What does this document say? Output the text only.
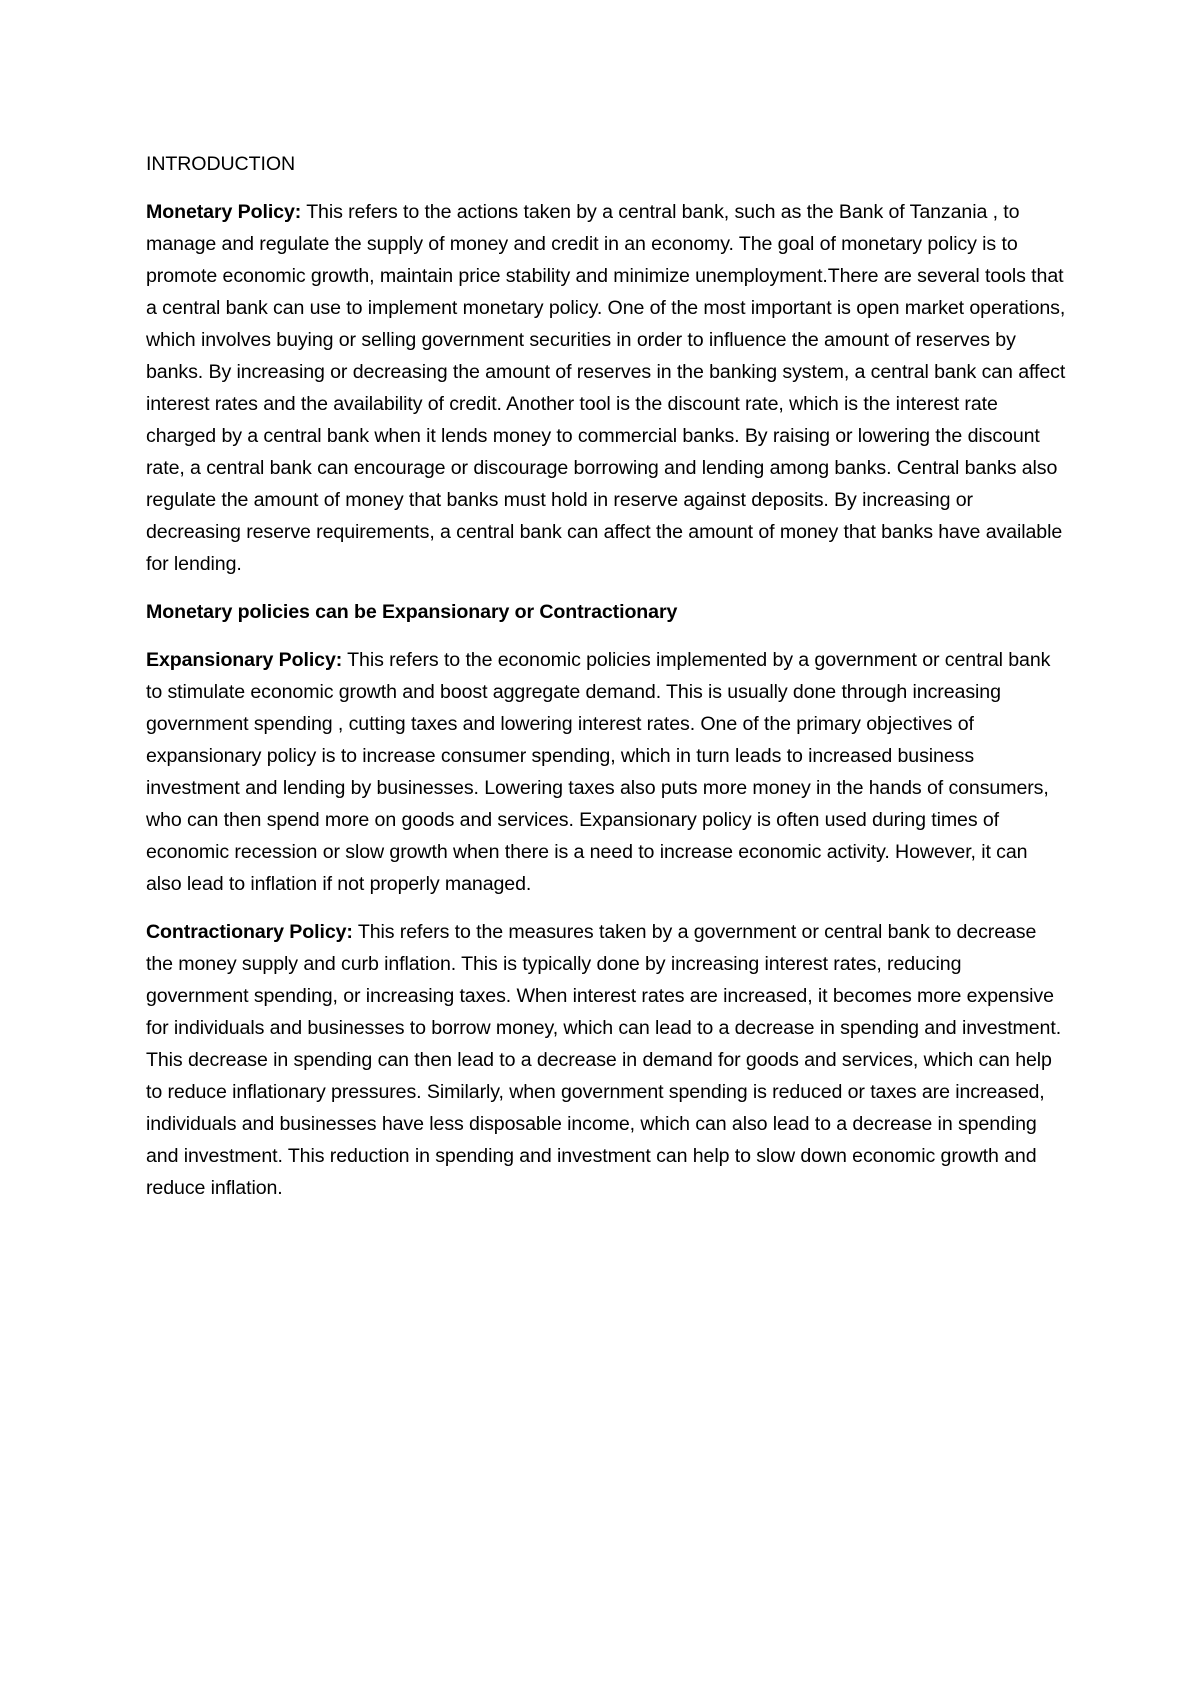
INTRODUCTION

Monetary Policy: This refers to the actions taken by a central bank, such as the Bank of Tanzania , to manage and regulate the supply of money and credit in an economy. The goal of monetary policy is to promote economic growth, maintain price stability and minimize unemployment.There are several tools that a central bank can use to implement monetary policy. One of the most important is open market operations, which involves buying or selling government securities in order to influence the amount of reserves by banks. By increasing or decreasing the amount of reserves in the banking system, a central bank can affect interest rates and the availability of credit. Another tool is the discount rate, which is the interest rate charged by a central bank when it lends money to commercial banks. By raising or lowering the discount rate, a central bank can encourage or discourage borrowing and lending among banks. Central banks also regulate the amount of money that banks must hold in reserve against deposits. By increasing or decreasing reserve requirements, a central bank can affect the amount of money that banks have available for lending.

Monetary policies can be Expansionary or Contractionary

Expansionary Policy: This refers to the economic policies implemented by a government or central bank to stimulate economic growth and boost aggregate demand. This is usually done through increasing government spending , cutting taxes and lowering interest rates. One of the primary objectives of expansionary policy is to increase consumer spending, which in turn leads to increased business investment and lending by businesses. Lowering taxes also puts more money in the hands of consumers, who can then spend more on goods and services. Expansionary policy is often used during times of economic recession or slow growth when there is a need to increase economic activity. However, it can also lead to inflation if not properly managed.

Contractionary Policy: This refers to the measures taken by a government or central bank to decrease the money supply and curb inflation. This is typically done by increasing interest rates, reducing government spending, or increasing taxes. When interest rates are increased, it becomes more expensive for individuals and businesses to borrow money, which can lead to a decrease in spending and investment. This decrease in spending can then lead to a decrease in demand for goods and services, which can help to reduce inflationary pressures. Similarly, when government spending is reduced or taxes are increased, individuals and businesses have less disposable income, which can also lead to a decrease in spending and investment. This reduction in spending and investment can help to slow down economic growth and reduce inflation.
